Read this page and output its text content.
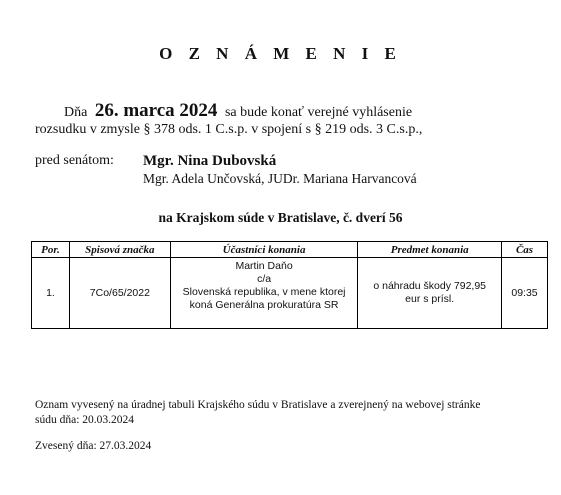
O Z N Á M E N I E
Dňa 26. marca 2024 sa bude konať verejné vyhlásenie
rozsudku v zmysle § 378 ods. 1 C.s.p. v spojení s § 219 ods. 3 C.s.p.,
pred senátom: Mgr. Nina Dubovská
Mgr. Adela Unčovská, JUDr. Mariana Harvancová
na Krajskom súde v Bratislave, č. dverí 56
Por.	Spisová značka	Účastníci konania	Predmet konania	Čas
1.	7Co/65/2022	Martin Daňo
c/a
Slovenská republika, v mene ktorej
koná Generálna prokuratúra SR	o náhradu škody 792,95
eur s prísl.	09:35
Oznam vyvesený na úradnej tabuli Krajského súdu v Bratislave a zverejnený na webovej stránke súdu dňa: 20.03.2024
Zvesený dňa: 27.03.2024
